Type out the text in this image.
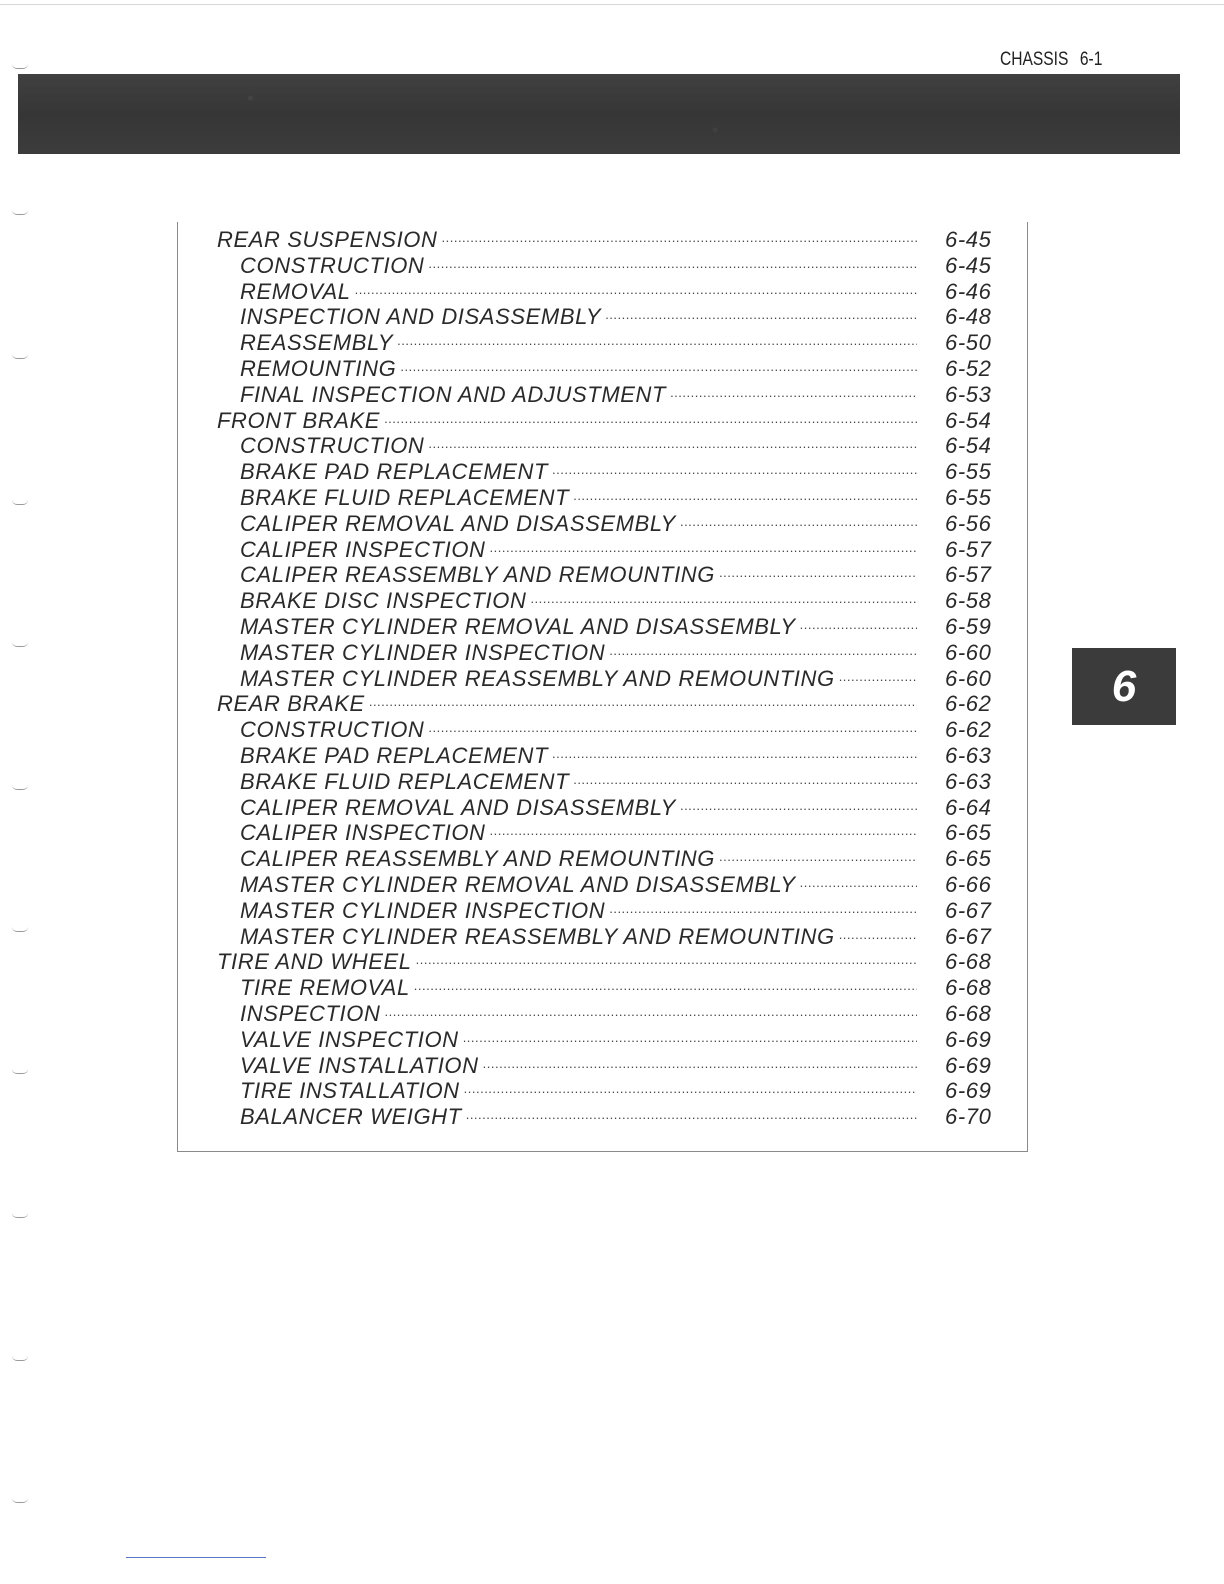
CHASSIS 6-1
REAR SUSPENSION .....	6-45
CONSTRUCTION .....	6-45
REMOVAL .....	6-46
INSPECTION AND DISASSEMBLY .....	6-48
REASSEMBLY .....	6-50
REMOUNTING .....	6-52
FINAL INSPECTION AND ADJUSTMENT .....	6-53
FRONT BRAKE .....	6-54
CONSTRUCTION .....	6-54
BRAKE PAD REPLACEMENT .....	6-55
BRAKE FLUID REPLACEMENT .....	6-55
CALIPER REMOVAL AND DISASSEMBLY .....	6-56
CALIPER INSPECTION .....	6-57
CALIPER REASSEMBLY AND REMOUNTING .....	6-57
BRAKE DISC INSPECTION .....	6-58
MASTER CYLINDER REMOVAL AND DISASSEMBLY .....	6-59
MASTER CYLINDER INSPECTION .....	6-60
MASTER CYLINDER REASSEMBLY AND REMOUNTING .....	6-60
REAR BRAKE .....	6-62
CONSTRUCTION .....	6-62
BRAKE PAD REPLACEMENT .....	6-63
BRAKE FLUID REPLACEMENT .....	6-63
CALIPER REMOVAL AND DISASSEMBLY .....	6-64
CALIPER INSPECTION .....	6-65
CALIPER REASSEMBLY AND REMOUNTING .....	6-65
MASTER CYLINDER REMOVAL AND DISASSEMBLY .....	6-66
MASTER CYLINDER INSPECTION .....	6-67
MASTER CYLINDER REASSEMBLY AND REMOUNTING .....	6-67
TIRE AND WHEEL .....	6-68
TIRE REMOVAL .....	6-68
INSPECTION .....	6-68
VALVE INSPECTION .....	6-69
VALVE INSTALLATION .....	6-69
TIRE INSTALLATION .....	6-69
BALANCER WEIGHT .....	6-70
6
